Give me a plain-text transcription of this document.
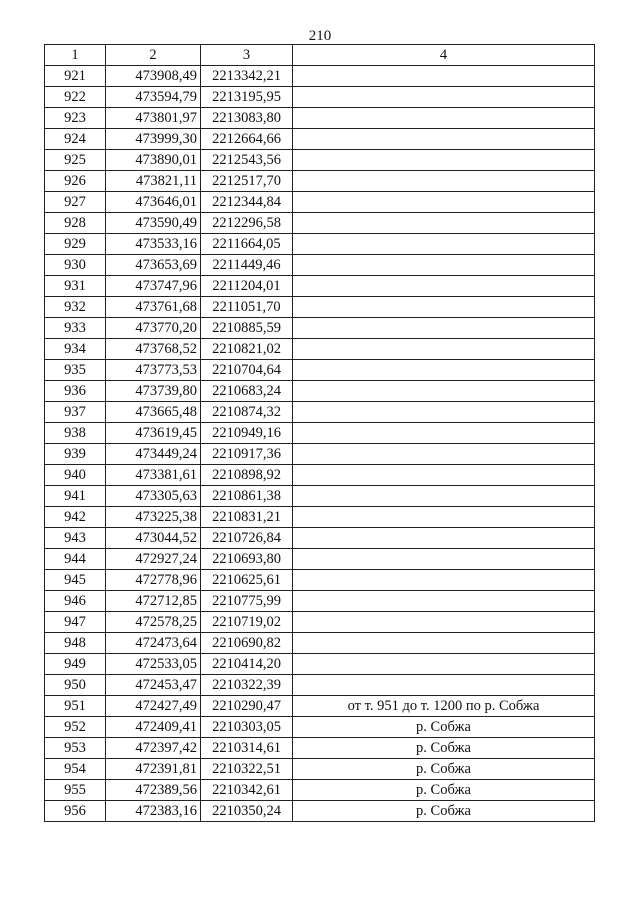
210
1	2	3	4
921	473908,49	2213342,21	
922	473594,79	2213195,95	
923	473801,97	2213083,80	
924	473999,30	2212664,66	
925	473890,01	2212543,56	
926	473821,11	2212517,70	
927	473646,01	2212344,84	
928	473590,49	2212296,58	
929	473533,16	2211664,05	
930	473653,69	2211449,46	
931	473747,96	2211204,01	
932	473761,68	2211051,70	
933	473770,20	2210885,59	
934	473768,52	2210821,02	
935	473773,53	2210704,64	
936	473739,80	2210683,24	
937	473665,48	2210874,32	
938	473619,45	2210949,16	
939	473449,24	2210917,36	
940	473381,61	2210898,92	
941	473305,63	2210861,38	
942	473225,38	2210831,21	
943	473044,52	2210726,84	
944	472927,24	2210693,80	
945	472778,96	2210625,61	
946	472712,85	2210775,99	
947	472578,25	2210719,02	
948	472473,64	2210690,82	
949	472533,05	2210414,20	
950	472453,47	2210322,39	
951	472427,49	2210290,47	от т. 951 до т. 1200 по р. Собжа
952	472409,41	2210303,05	р. Собжа
953	472397,42	2210314,61	р. Собжа
954	472391,81	2210322,51	р. Собжа
955	472389,56	2210342,61	р. Собжа
956	472383,16	2210350,24	р. Собжа
